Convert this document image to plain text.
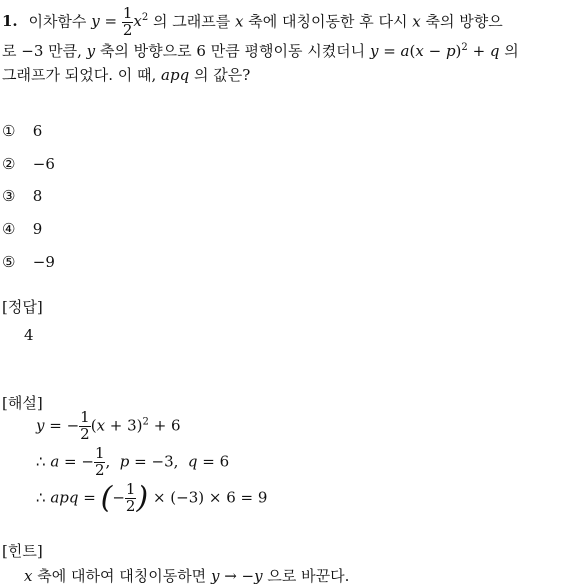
1. 이차함수 $y = \frac{1}{2} x^2$ 의 그래프를 x 축에 대칭이동한 후 다시 x 축의 방향으
로 −3 만큼, y 축의 방향으로 6 만큼 평행이동 시켰더니 $y = a(x - p)^2 + q$ 의
그래프가 되었다. 이 때, apq 의 값은?
① 6
② −6
③ 8
④ 9
⑤ −9
[정답]
4
[해설]
y = − $\frac{1}{2} (x + 3)^2 + 6$
∴ a = − $\frac{1}{2}$ ,  p = −3,  q = 6
∴ apq = (− $\frac{1}{2}$ ) × (−3) × 6 = 9
[힌트]
x 축에 대하여 대칭이동하면 y → −y 으로 바꾼다.
